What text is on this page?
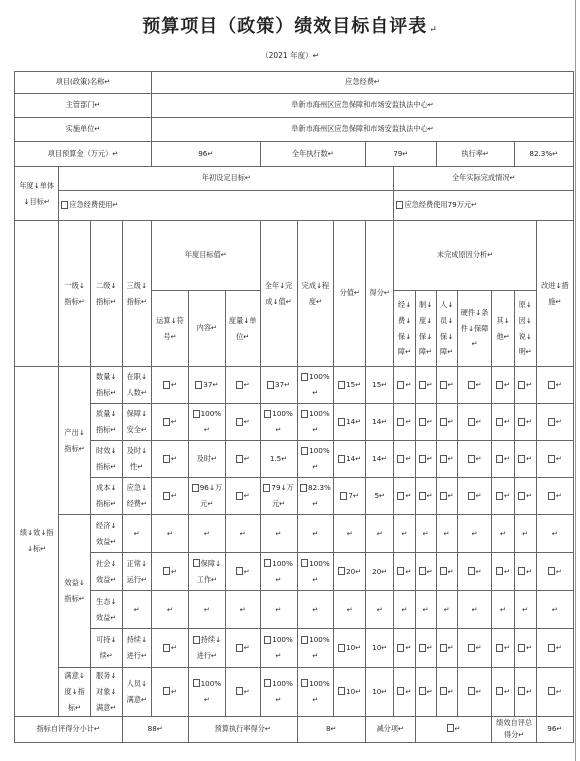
预算项目（政策）绩效目标自评表 ↵
（2021 年度）↵
项目(政策)名称↵				应急经费↵													
主管部门↵				阜新市海州区应急保障和市场安监执法中心↵													
实施单位↵				阜新市海州区应急保障和市场安监执法中心↵													
项目预算金（万元）↵				96↵			全年执行数↵			79↵			执行率↵			82.3%↵	
年度↓单体↓目标↵	年初设定目标↵										全年实际完成情况↵						
	应急经费使用↵										应急经费使用79万元↵						
	一级↓指标↵	二级↓指标↵	三级↓指标↵	年度目标值↵			全年↓完成↓值↵	完成↓程度↵	分值↵	得分↵	未完成原因分析↵						改进↓措施↵
				运算↓符号↵	内容↵	度量↓单位↵					经↓费↓保↓障↵	制↓度↓保↓障↵	人↓员↓保↓障↵	硬件↓条件↓保障↵	其↓他↵	原↓因↓说↓明↵	
绩↓效↓指↓标↵	产出↓指标↵	数量↓指标↵	在职↓人数↵	↵	37↵	↵	37↵	100%↵	15↵	15↵	↵	↵	↵	↵	↵	↵	↵
		质量↓指标↵	保障↓安全↵	↵	100%↵	↵	100%↵	100%↵	14↵	14↵	↵	↵	↵	↵	↵	↵	↵
		时效↓指标↵	及时↓性↵	↵	及时↵	↵	1.5↵	100%↵	14↵	14↵	↵	↵	↵	↵	↵	↵	↵
		成本↓指标↵	应急↓经费↵	↵	96↓万元↵	↵	79↓万元↵	82.3%↵	7↵	5↵	↵	↵	↵	↵	↵	↵	↵
	效益↓指标↵	经济↓效益↵	↵	↵	↵	↵	↵	↵	↵	↵	↵	↵	↵	↵	↵	↵	↵
		社会↓效益↵	正常↓运行↵	↵	保障↓工作↵	↵	100%↵	100%↵	20↵	20↵	↵	↵	↵	↵	↵	↵	↵
		生态↓效益↵	↵	↵	↵	↵	↵	↵	↵	↵	↵	↵	↵	↵	↵	↵	↵
		可持↓续↵	持续↓进行↵	↵	持续↓进行↵	↵	100%↵	100%↵	10↵	10↵	↵	↵	↵	↵	↵	↵	↵
	满意↓度↓指标↵	服务↓对象↓满意↵	人员↓满意↵	↵	100%↵	↵	100%↵	100%↵	10↵	10↵	↵	↵	↵	↵	↵	↵	↵
指标自评得分小计↵			88↵		预算执行率得分↵			8↵		减分项↵		↵			绩效自评总得分↵		96↵
